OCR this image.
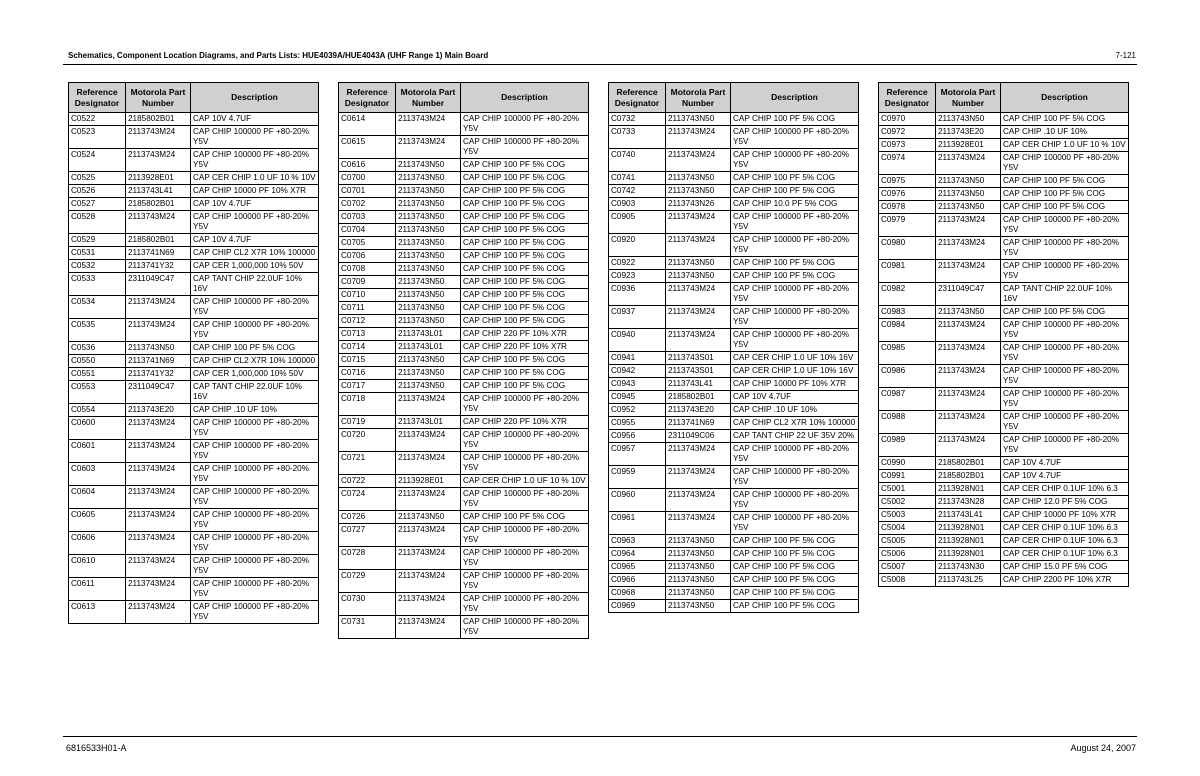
Schematics, Component Location Diagrams, and Parts Lists: HUE4039A/HUE4043A (UHF Range 1) Main Board	7-121
Reference Designator	Motorola Part Number	Description
C0522	2185802B01	CAP 10V 4.7UF
C0523	2113743M24	CAP CHIP 100000 PF +80-20% Y5V
C0524	2113743M24	CAP CHIP 100000 PF +80-20% Y5V
C0525	2113928E01	CAP CER CHIP 1.0 UF 10 % 10V
C0526	2113743L41	CAP CHIP 10000 PF 10% X7R
C0527	2185802B01	CAP 10V 4.7UF
C0528	2113743M24	CAP CHIP 100000 PF +80-20% Y5V
C0529	2185802B01	CAP 10V 4.7UF
C0531	2113741N69	CAP CHIP CL2 X7R 10% 100000
C0532	2113741Y32	CAP CER 1,000,000 10% 50V
C0533	2311049C47	CAP TANT CHIP 22.0UF 10% 16V
C0534	2113743M24	CAP CHIP 100000 PF +80-20% Y5V
C0535	2113743M24	CAP CHIP 100000 PF +80-20% Y5V
C0536	2113743N50	CAP CHIP 100 PF 5% COG
C0550	2113741N69	CAP CHIP CL2 X7R 10% 100000
C0551	2113741Y32	CAP CER 1,000,000 10% 50V
C0553	2311049C47	CAP TANT CHIP 22.0UF 10% 16V
C0554	2113743E20	CAP CHIP .10 UF 10%
C0600	2113743M24	CAP CHIP 100000 PF +80-20% Y5V
C0601	2113743M24	CAP CHIP 100000 PF +80-20% Y5V
C0603	2113743M24	CAP CHIP 100000 PF +80-20% Y5V
C0604	2113743M24	CAP CHIP 100000 PF +80-20% Y5V
C0605	2113743M24	CAP CHIP 100000 PF +80-20% Y5V
C0606	2113743M24	CAP CHIP 100000 PF +80-20% Y5V
C0610	2113743M24	CAP CHIP 100000 PF +80-20% Y5V
C0611	2113743M24	CAP CHIP 100000 PF +80-20% Y5V
C0613	2113743M24	CAP CHIP 100000 PF +80-20% Y5V
Reference Designator	Motorola Part Number	Description
C0614	2113743M24	CAP CHIP 100000 PF +80-20% Y5V
C0615	2113743M24	CAP CHIP 100000 PF +80-20% Y5V
C0616	2113743N50	CAP CHIP 100 PF 5% COG
C0700	2113743N50	CAP CHIP 100 PF 5% COG
C0701	2113743N50	CAP CHIP 100 PF 5% COG
C0702	2113743N50	CAP CHIP 100 PF 5% COG
C0703	2113743N50	CAP CHIP 100 PF 5% COG
C0704	2113743N50	CAP CHIP 100 PF 5% COG
C0705	2113743N50	CAP CHIP 100 PF 5% COG
C0706	2113743N50	CAP CHIP 100 PF 5% COG
C0708	2113743N50	CAP CHIP 100 PF 5% COG
C0709	2113743N50	CAP CHIP 100 PF 5% COG
C0710	2113743N50	CAP CHIP 100 PF 5% COG
C0711	2113743N50	CAP CHIP 100 PF 5% COG
C0712	2113743N50	CAP CHIP 100 PF 5% COG
C0713	2113743L01	CAP CHIP 220 PF 10% X7R
C0714	2113743L01	CAP CHIP 220 PF 10% X7R
C0715	2113743N50	CAP CHIP 100 PF 5% COG
C0716	2113743N50	CAP CHIP 100 PF 5% COG
C0717	2113743N50	CAP CHIP 100 PF 5% COG
C0718	2113743M24	CAP CHIP 100000 PF +80-20% Y5V
C0719	2113743L01	CAP CHIP 220 PF 10% X7R
C0720	2113743M24	CAP CHIP 100000 PF +80-20% Y5V
C0721	2113743M24	CAP CHIP 100000 PF +80-20% Y5V
C0722	2113928E01	CAP CER CHIP 1.0 UF 10 % 10V
C0724	2113743M24	CAP CHIP 100000 PF +80-20% Y5V
C0726	2113743N50	CAP CHIP 100 PF 5% COG
C0727	2113743M24	CAP CHIP 100000 PF +80-20% Y5V
C0728	2113743M24	CAP CHIP 100000 PF +80-20% Y5V
C0729	2113743M24	CAP CHIP 100000 PF +80-20% Y5V
C0730	2113743M24	CAP CHIP 100000 PF +80-20% Y5V
C0731	2113743M24	CAP CHIP 100000 PF +80-20% Y5V
Reference Designator	Motorola Part Number	Description
C0732	2113743N50	CAP CHIP 100 PF 5% COG
C0733	2113743M24	CAP CHIP 100000 PF +80-20% Y5V
C0740	2113743M24	CAP CHIP 100000 PF +80-20% Y5V
C0741	2113743N50	CAP CHIP 100 PF 5% COG
C0742	2113743N50	CAP CHIP 100 PF 5% COG
C0903	2113743N26	CAP CHIP 10.0 PF 5% COG
C0905	2113743M24	CAP CHIP 100000 PF +80-20% Y5V
C0920	2113743M24	CAP CHIP 100000 PF +80-20% Y5V
C0922	2113743N50	CAP CHIP 100 PF 5% COG
C0923	2113743N50	CAP CHIP 100 PF 5% COG
C0936	2113743M24	CAP CHIP 100000 PF +80-20% Y5V
C0937	2113743M24	CAP CHIP 100000 PF +80-20% Y5V
C0940	2113743M24	CAP CHIP 100000 PF +80-20% Y5V
C0941	2113743S01	CAP CER CHIP 1.0 UF 10% 16V
C0942	2113743S01	CAP CER CHIP 1.0 UF 10% 16V
C0943	2113743L41	CAP CHIP 10000 PF 10% X7R
C0945	2185802B01	CAP 10V 4.7UF
C0952	2113743E20	CAP CHIP .10 UF 10%
C0955	2113741N69	CAP CHIP CL2 X7R 10% 100000
C0956	2311049C06	CAP TANT CHIP 22 UF 35V 20%
C0957	2113743M24	CAP CHIP 100000 PF +80-20% Y5V
C0959	2113743M24	CAP CHIP 100000 PF +80-20% Y5V
C0960	2113743M24	CAP CHIP 100000 PF +80-20% Y5V
C0961	2113743M24	CAP CHIP 100000 PF +80-20% Y5V
C0963	2113743N50	CAP CHIP 100 PF 5% COG
C0964	2113743N50	CAP CHIP 100 PF 5% COG
C0965	2113743N50	CAP CHIP 100 PF 5% COG
C0966	2113743N50	CAP CHIP 100 PF 5% COG
C0968	2113743N50	CAP CHIP 100 PF 5% COG
C0969	2113743N50	CAP CHIP 100 PF 5% COG
Reference Designator	Motorola Part Number	Description
C0970	2113743N50	CAP CHIP 100 PF 5% COG
C0972	2113743E20	CAP CHIP .10 UF 10%
C0973	2113928E01	CAP CER CHIP 1.0 UF 10 % 10V
C0974	2113743M24	CAP CHIP 100000 PF +80-20% Y5V
C0975	2113743N50	CAP CHIP 100 PF 5% COG
C0976	2113743N50	CAP CHIP 100 PF 5% COG
C0978	2113743N50	CAP CHIP 100 PF 5% COG
C0979	2113743M24	CAP CHIP 100000 PF +80-20% Y5V
C0980	2113743M24	CAP CHIP 100000 PF +80-20% Y5V
C0981	2113743M24	CAP CHIP 100000 PF +80-20% Y5V
C0982	2311049C47	CAP TANT CHIP 22.0UF 10% 16V
C0983	2113743N50	CAP CHIP 100 PF 5% COG
C0984	2113743M24	CAP CHIP 100000 PF +80-20% Y5V
C0985	2113743M24	CAP CHIP 100000 PF +80-20% Y5V
C0986	2113743M24	CAP CHIP 100000 PF +80-20% Y5V
C0987	2113743M24	CAP CHIP 100000 PF +80-20% Y5V
C0988	2113743M24	CAP CHIP 100000 PF +80-20% Y5V
C0989	2113743M24	CAP CHIP 100000 PF +80-20% Y5V
C0990	2185802B01	CAP 10V 4.7UF
C0991	2185802B01	CAP 10V 4.7UF
C5001	2113928N01	CAP CER CHIP 0.1UF 10% 6.3
C5002	2113743N28	CAP CHIP 12.0 PF 5% COG
C5003	2113743L41	CAP CHIP 10000 PF 10% X7R
C5004	2113928N01	CAP CER CHIP 0.1UF 10% 6.3
C5005	2113928N01	CAP CER CHIP 0.1UF 10% 6.3
C5006	2113928N01	CAP CER CHIP 0.1UF 10% 6.3
C5007	2113743N30	CAP CHIP 15.0 PF 5% COG
C5008	2113743L25	CAP CHIP 2200 PF 10% X7R
6816533H01-A	August 24, 2007
